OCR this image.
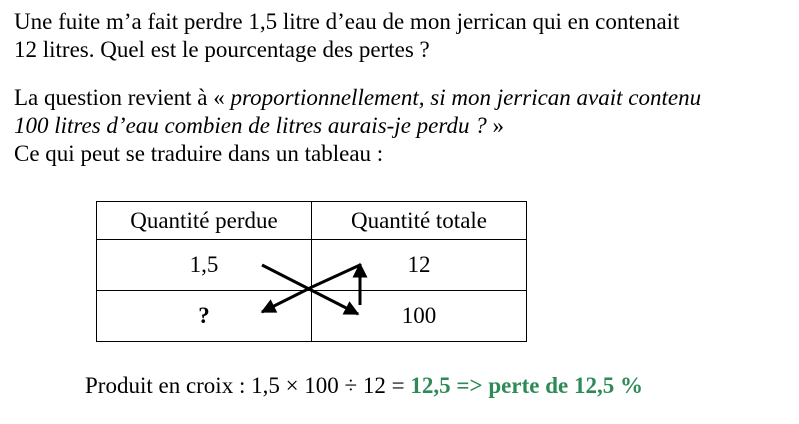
Une fuite m’a fait perdre 1,5 litre d’eau de mon jerrican qui en contenait
12 litres. Quel est le pourcentage des pertes ?

La question revient à « proportionnellement, si mon jerrican avait contenu
100 litres d’eau combien de litres aurais-je perdu ? »
Ce qui peut se traduire dans un tableau :

Quantité perdue	Quantité totale
1,5	12
?	100

Produit en croix : 1,5 × 100 ÷ 12 = 12,5 => perte de 12,5 %
